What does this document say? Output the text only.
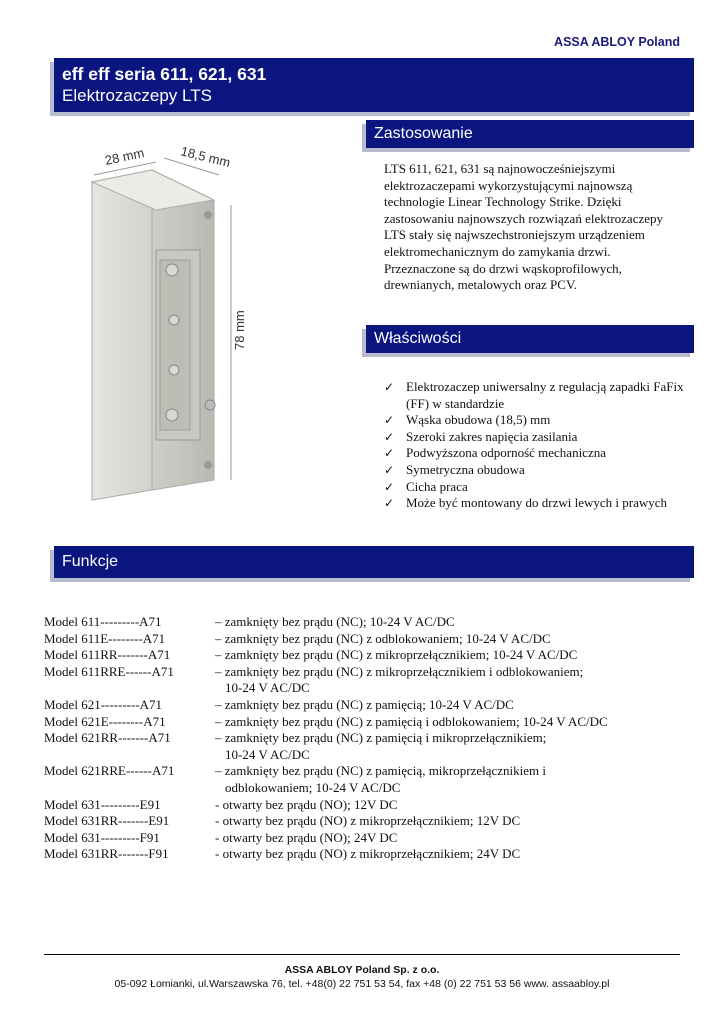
ASSA ABLOY Poland
eff eff seria 611, 621, 631
Elektrozaczepy LTS
28 mm	18,5 mm
78 mm
Zastosowanie

LTS 611, 621, 631 są najnowocześniejszymi elektrozaczepami wykorzystującymi najnowszą technologie Linear Technology Strike. Dzięki zastosowaniu najnowszych rozwiązań elektrozaczepy LTS stały się najwszechstroniejszym urządzeniem elektromechanicznym do zamykania drzwi. Przeznaczone są do drzwi wąskoprofilowych, drewnianych, metalowych oraz PCV.

Właściwości
✓ Elektrozaczep uniwersalny z regulacją zapadki FaFix (FF) w standardzie
✓ Wąska obudowa (18,5) mm
✓ Szeroki zakres napięcia zasilania
✓ Podwyższona odporność mechaniczna
✓ Symetryczna obudowa
✓ Cicha praca
✓ Może być montowany do drzwi lewych i prawych
Funkcje
Model 611---------A71	– zamknięty bez prądu (NC); 10-24 V AC/DC
Model 611E--------A71	– zamknięty bez prądu (NC) z odblokowaniem; 10-24 V AC/DC
Model 611RR-------A71	– zamknięty bez prądu (NC) z mikroprzełącznikiem; 10-24 V AC/DC
Model 611RRE------A71	– zamknięty bez prądu (NC) z mikroprzełącznikiem i odblokowaniem;
10-24 V AC/DC
Model 621---------A71	– zamknięty bez prądu (NC) z pamięcią; 10-24 V AC/DC
Model 621E--------A71	– zamknięty bez prądu (NC) z pamięcią i odblokowaniem; 10-24 V AC/DC
Model 621RR-------A71	– zamknięty bez prądu (NC) z pamięcią i mikroprzełącznikiem;
10-24 V AC/DC
Model 621RRE------A71	– zamknięty bez prądu (NC) z pamięcią, mikroprzełącznikiem i
odblokowaniem; 10-24 V AC/DC
Model 631---------E91	- otwarty bez prądu (NO); 12V DC
Model 631RR-------E91	- otwarty bez prądu (NO) z mikroprzełącznikiem; 12V DC
Model 631---------F91	- otwarty bez prądu (NO); 24V DC
Model 631RR-------F91	- otwarty bez prądu (NO) z mikroprzełącznikiem; 24V DC
ASSA ABLOY Poland Sp. z o.o.
05-092 Łomianki, ul.Warszawska 76, tel. +48(0) 22 751 53 54, fax +48 (0) 22 751 53 56 www. assaabloy.pl
